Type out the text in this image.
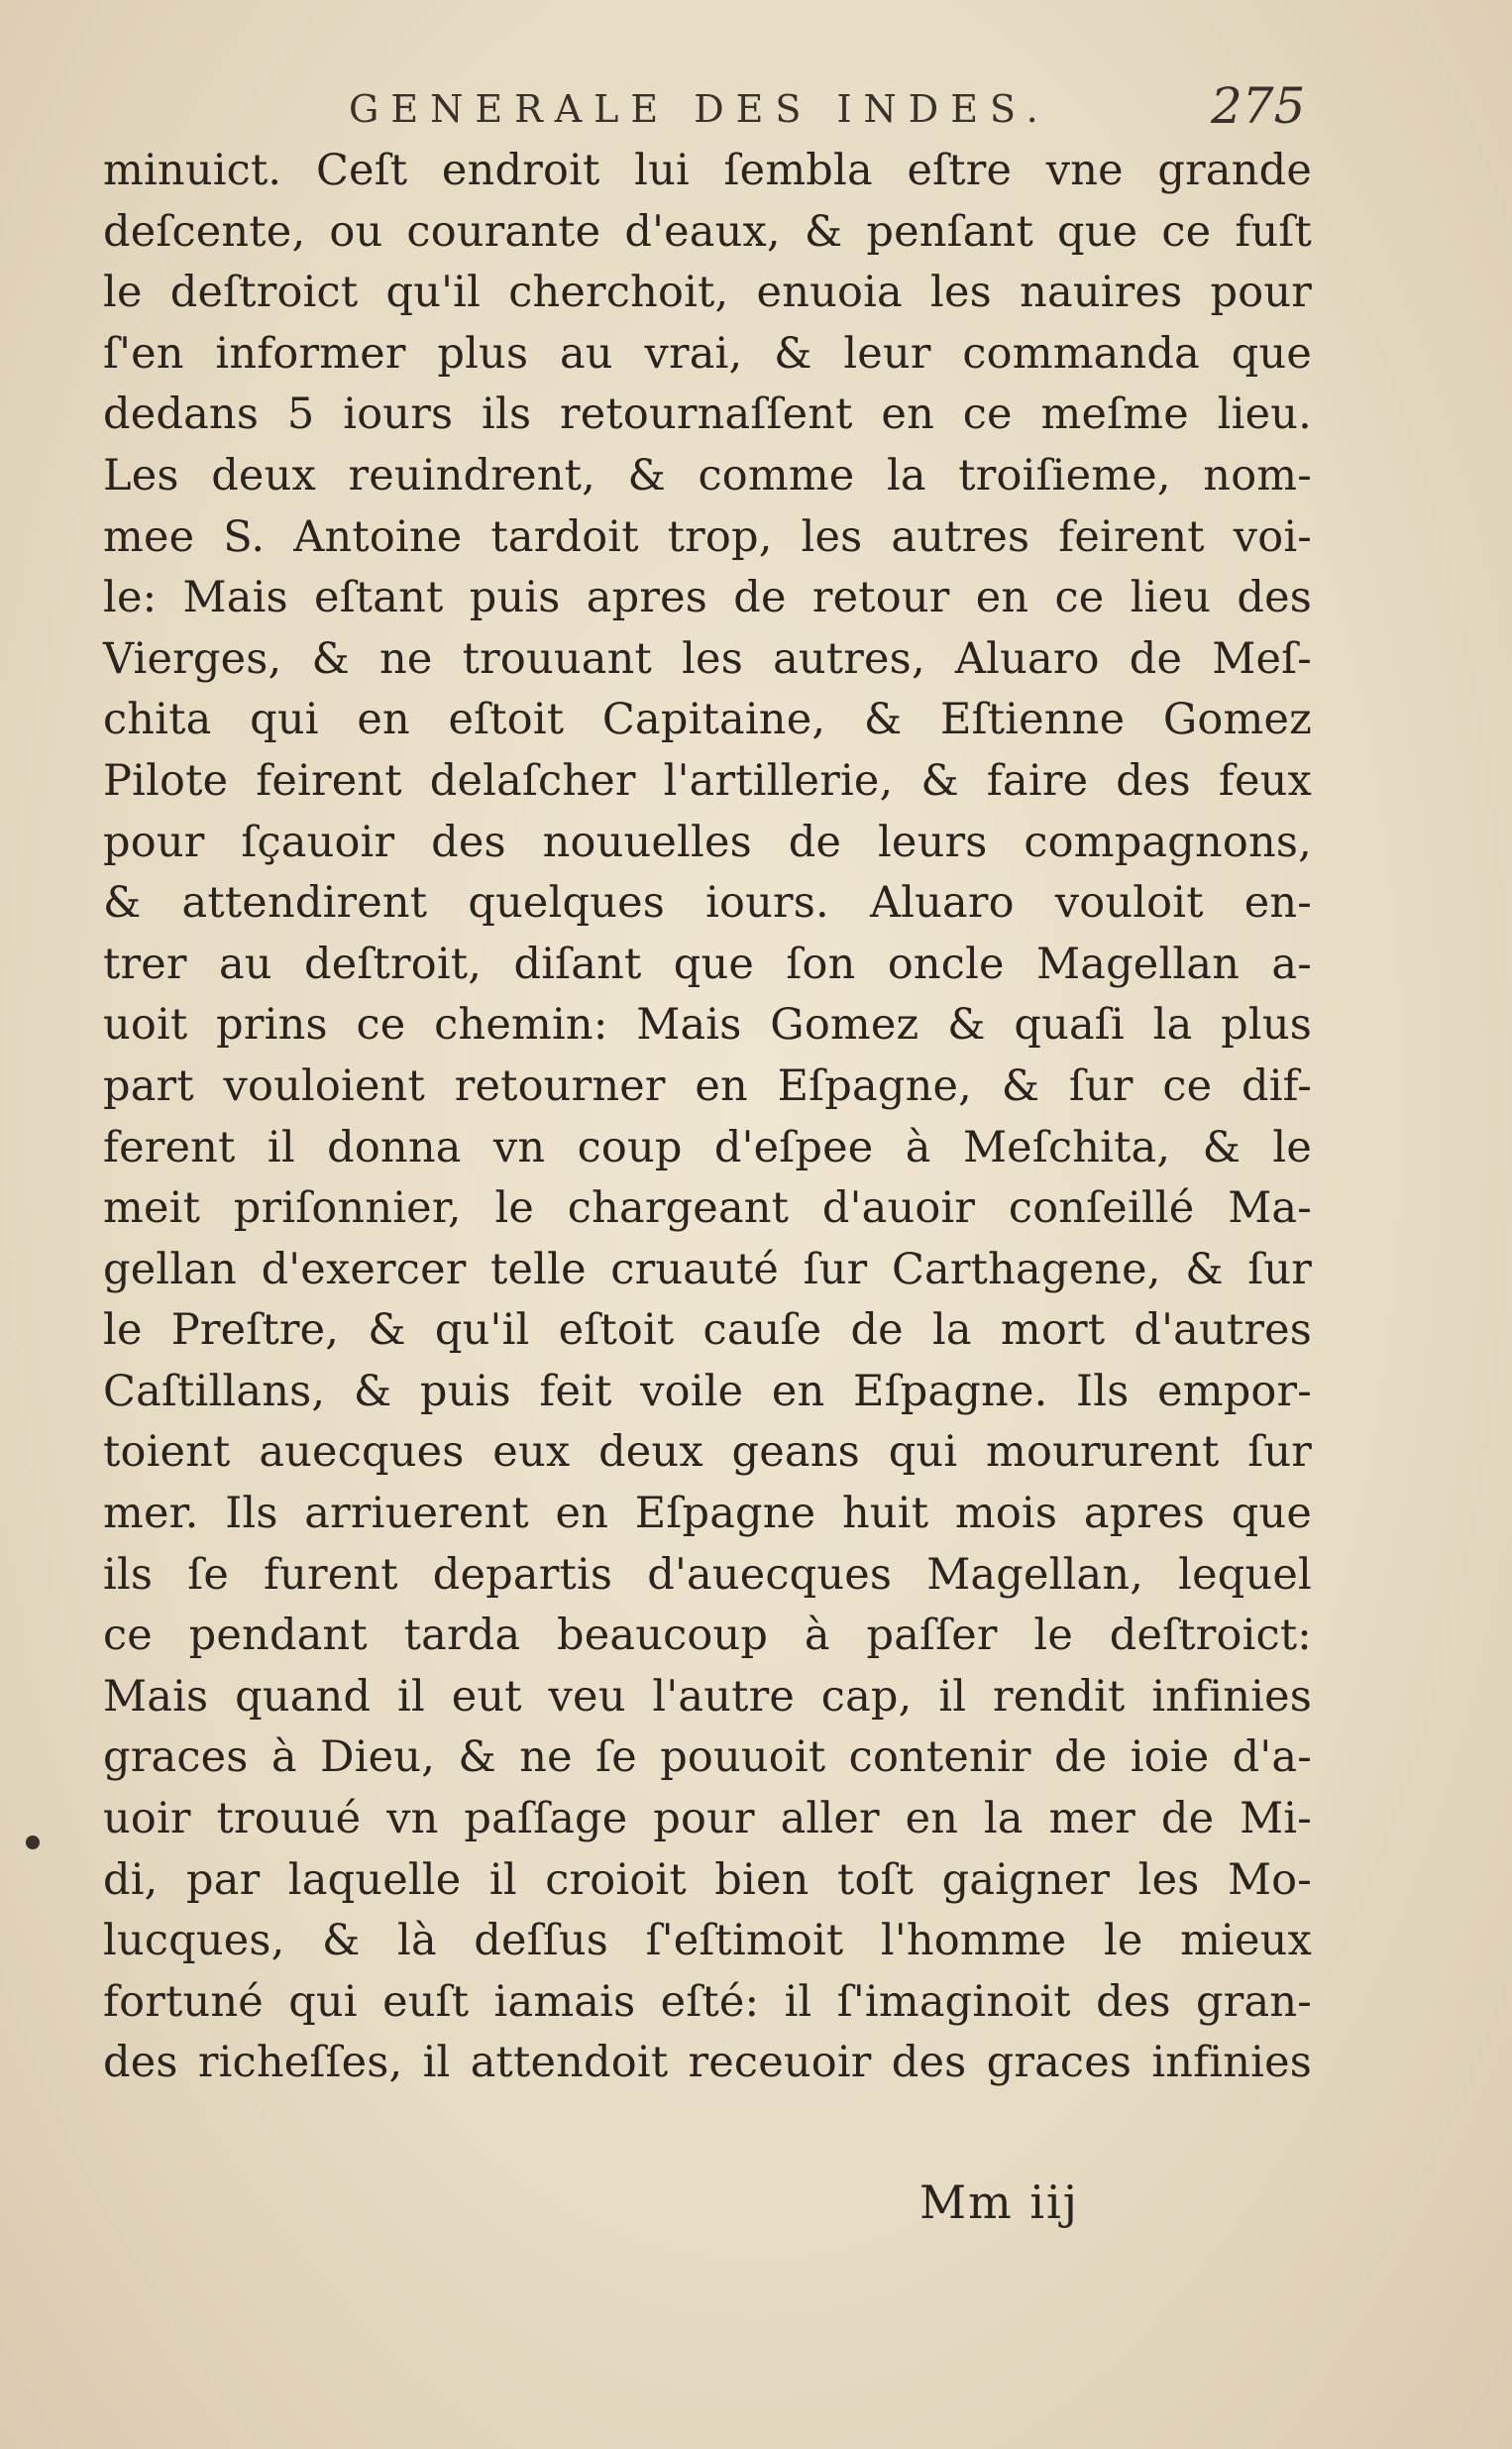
GENERALE DES INDES.	275
minuict. Ceſt endroit lui ſembla eſtre vne grande
deſcente, ou courante d'eaux, & penſant que ce fuſt
le deſtroict qu'il cherchoit, enuoia les nauires pour
ſ'en informer plus au vrai, & leur commanda que
dedans 5 iours ils retournaſſent en ce meſme lieu.
Les deux reuindrent, & comme la troiſieme, nom-
mee S. Antoine tardoit trop, les autres feirent voi-
le: Mais eſtant puis apres de retour en ce lieu des
Vierges, & ne trouuant les autres, Aluaro de Meſ-
chita qui en eſtoit Capitaine, & Eſtienne Gomez
Pilote feirent delaſcher l'artillerie, & faire des feux
pour ſçauoir des nouuelles de leurs compagnons,
& attendirent quelques iours. Aluaro vouloit en-
trer au deſtroit, diſant que ſon oncle Magellan a-
uoit prins ce chemin: Mais Gomez & quaſi la plus
part vouloient retourner en Eſpagne, & ſur ce dif-
ferent il donna vn coup d'eſpee à Meſchita, & le
meit priſonnier, le chargeant d'auoir conſeillé Ma-
gellan d'exercer telle cruauté ſur Carthagene, & ſur
le Preſtre, & qu'il eſtoit cauſe de la mort d'autres
Caſtillans, & puis feit voile en Eſpagne. Ils empor-
toient auecques eux deux geans qui moururent ſur
mer. Ils arriuerent en Eſpagne huit mois apres que
ils ſe furent departis d'auecques Magellan, lequel
ce pendant tarda beaucoup à paſſer le deſtroict:
Mais quand il eut veu l'autre cap, il rendit infinies
graces à Dieu, & ne ſe pouuoit contenir de ioie d'a-
uoir trouué vn paſſage pour aller en la mer de Mi-
di, par laquelle il croioit bien toſt gaigner les Mo-
lucques, & là deſſus ſ'eſtimoit l'homme le mieux
fortuné qui euſt iamais eſté: il ſ'imaginoit des gran-
des richeſſes, il attendoit receuoir des graces infinies
Mm iij
